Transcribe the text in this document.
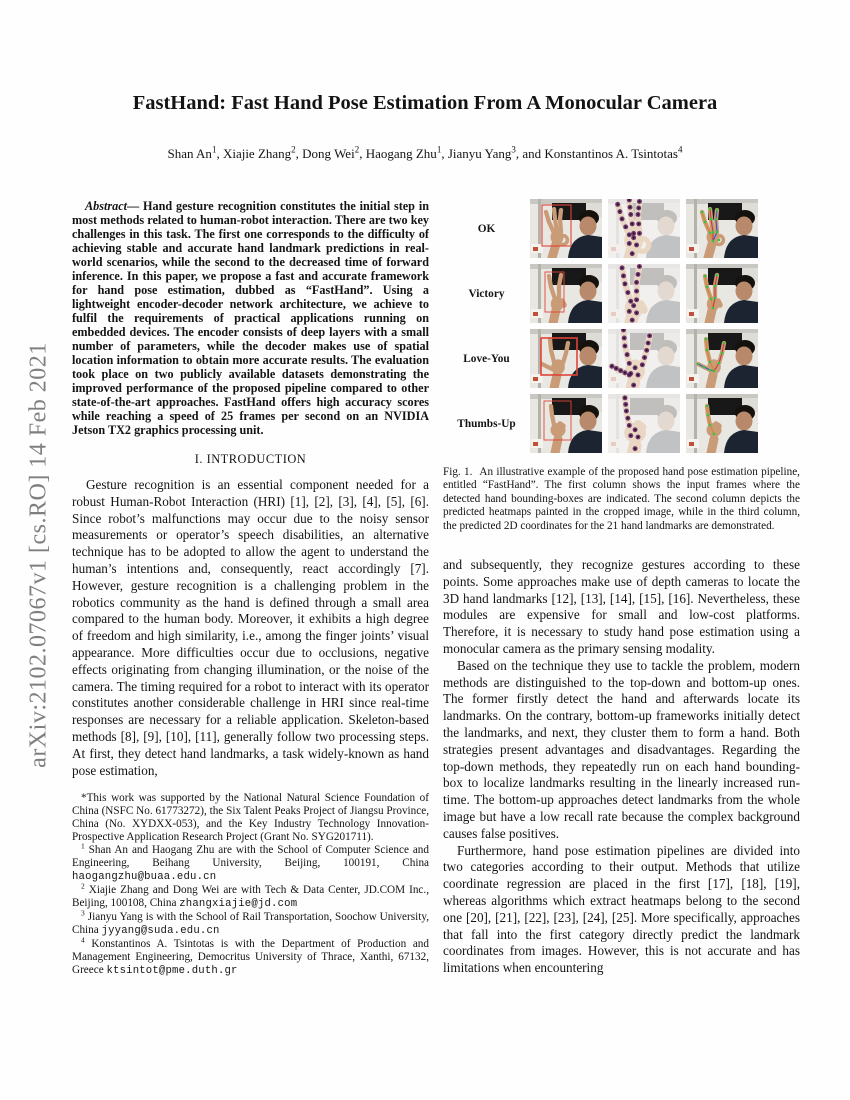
arXiv:2102.07067v1 [cs.RO] 14 Feb 2021
FastHand: Fast Hand Pose Estimation From A Monocular Camera
Shan An$^1$, Xiajie Zhang$^2$, Dong Wei$^2$, Haogang Zhu$^1$, Jianyu Yang$^3$, and Konstantinos A. Tsintotas$^4$

Abstract— Hand gesture recognition constitutes the initial step in most methods related to human-robot interaction. There are two key challenges in this task. The first one corresponds to the difficulty of achieving stable and accurate hand landmark predictions in real-world scenarios, while the second to the decreased time of forward inference. In this paper, we propose a fast and accurate framework for hand pose estimation, dubbed as “FastHand”. Using a lightweight encoder-decoder network architecture, we achieve to fulfil the requirements of practical applications running on embedded devices. The encoder consists of deep layers with a small number of parameters, while the decoder makes use of spatial location information to obtain more accurate results. The evaluation took place on two publicly available datasets demonstrating the improved performance of the proposed pipeline compared to other state-of-the-art approaches. FastHand offers high accuracy scores while reaching a speed of 25 frames per second on an NVIDIA Jetson TX2 graphics processing unit.

I. INTRODUCTION

Gesture recognition is an essential component needed for a robust Human-Robot Interaction (HRI) [1], [2], [3], [4], [5], [6]. Since robot’s malfunctions may occur due to the noisy sensor measurements or operator’s speech disabilities, an alternative technique has to be adopted to allow the agent to understand the human’s intentions and, consequently, react accordingly [7]. However, gesture recognition is a challenging problem in the robotics community as the hand is defined through a small area compared to the human body. Moreover, it exhibits a high degree of freedom and high similarity, i.e., among the finger joints’ visual appearance. More difficulties occur due to occlusions, negative effects originating from changing illumination, or the noise of the camera. The timing required for a robot to interact with its operator constitutes another considerable challenge in HRI since real-time responses are necessary for a reliable application. Skeleton-based methods [8], [9], [10], [11], generally follow two processing steps. At first, they detect hand landmarks, a task widely-known as hand pose estimation,

*This work was supported by the National Natural Science Foundation of China (NSFC No. 61773272), the Six Talent Peaks Project of Jiangsu Province, China (No. XYDXX-053), and the Key Industry Technology Innovation-Prospective Application Research Project (Grant No. SYG201711).

$^1$ Shan An and Haogang Zhu are with the School of Computer Science and Engineering, Beihang University, Beijing, 100191, China haogangzhu@buaa.edu.cn

$^2$ Xiajie Zhang and Dong Wei are with Tech & Data Center, JD.COM Inc., Beijing, 100108, China zhangxiajie@jd.com

$^3$ Jianyu Yang is with the School of Rail Transportation, Soochow University, China jyyang@suda.edu.cn

$^4$ Konstantinos A. Tsintotas is with the Department of Production and Management Engineering, Democritus University of Thrace, Xanthi, 67132, Greece ktsintot@pme.duth.gr

OK
Victory
Love-You
Thumbs-Up

Fig. 1. An illustrative example of the proposed hand pose estimation pipeline, entitled “FastHand”. The first column shows the input frames where the detected hand bounding-boxes are indicated. The second column depicts the predicted heatmaps painted in the cropped image, while in the third column, the predicted 2D coordinates for the 21 hand landmarks are demonstrated.

and subsequently, they recognize gestures according to these points. Some approaches make use of depth cameras to locate the 3D hand landmarks [12], [13], [14], [15], [16]. Nevertheless, these modules are expensive for small and low-cost platforms. Therefore, it is necessary to study hand pose estimation using a monocular camera as the primary sensing modality.

Based on the technique they use to tackle the problem, modern methods are distinguished to the top-down and bottom-up ones. The former firstly detect the hand and afterwards locate its landmarks. On the contrary, bottom-up frameworks initially detect the landmarks, and next, they cluster them to form a hand. Both strategies present advantages and disadvantages. Regarding the top-down methods, they repeatedly run on each hand bounding-box to localize landmarks resulting in the linearly increased run-time. The bottom-up approaches detect landmarks from the whole image but have a low recall rate because the complex background causes false positives.

Furthermore, hand pose estimation pipelines are divided into two categories according to their output. Methods that utilize coordinate regression are placed in the first [17], [18], [19], whereas algorithms which extract heatmaps belong to the second one [20], [21], [22], [23], [24], [25]. More specifically, approaches that fall into the first category directly predict the landmark coordinates from images. However, this is not accurate and has limitations when encountering
